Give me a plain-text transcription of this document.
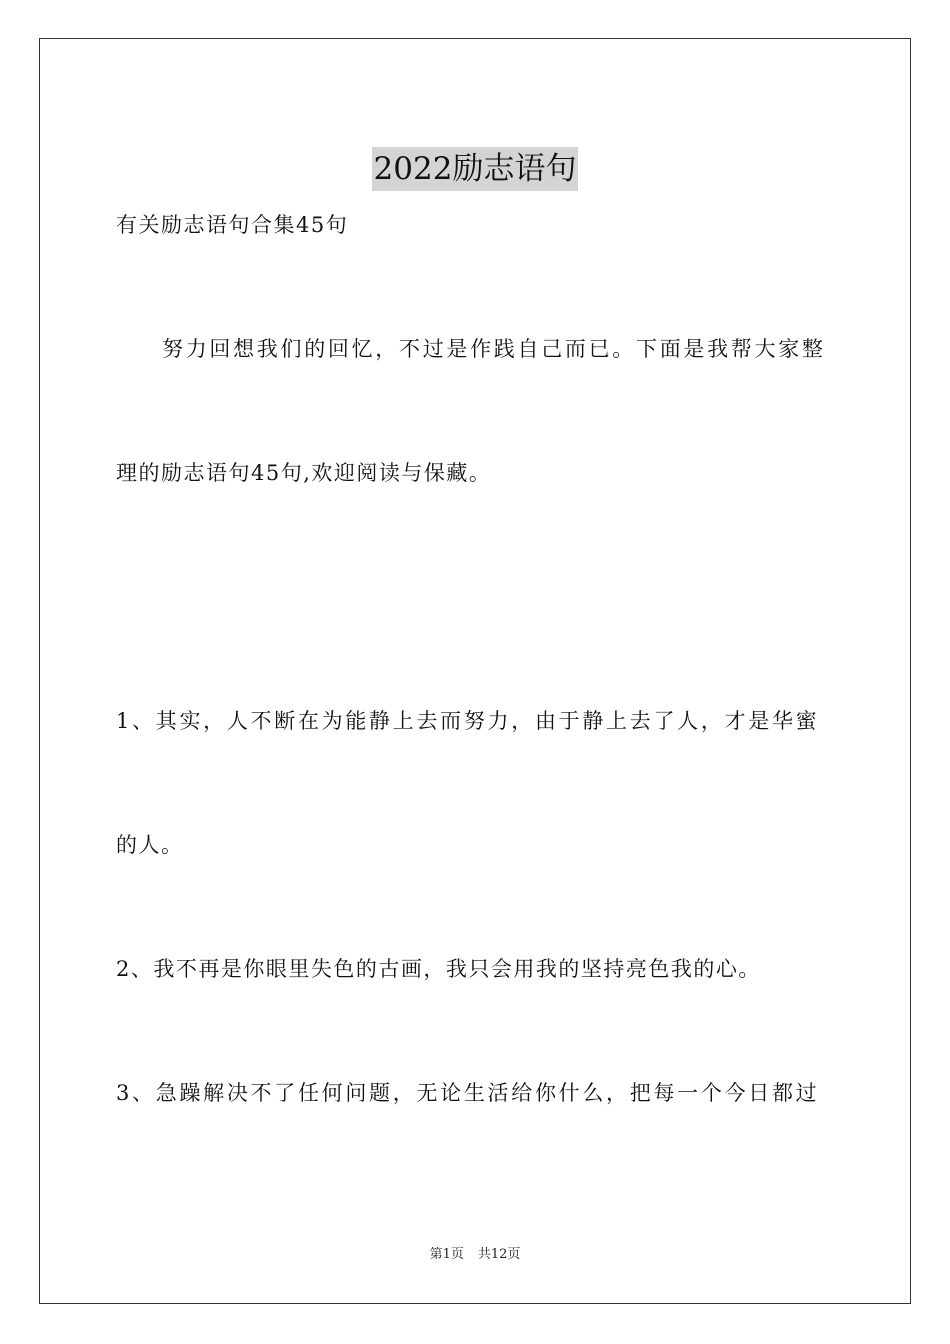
2022励志语句
有关励志语句合集45句
努力回想我们的回忆，不过是作践自己而已。下面是我帮大家整
理的励志语句45句,欢迎阅读与保藏。
1、其实，人不断在为能静上去而努力，由于静上去了人，才是华蜜
的人。
2、我不再是你眼里失色的古画，我只会用我的坚持亮色我的心。
3、急躁解决不了任何问题，无论生活给你什么，把每一个今日都过
第1页 共12页
